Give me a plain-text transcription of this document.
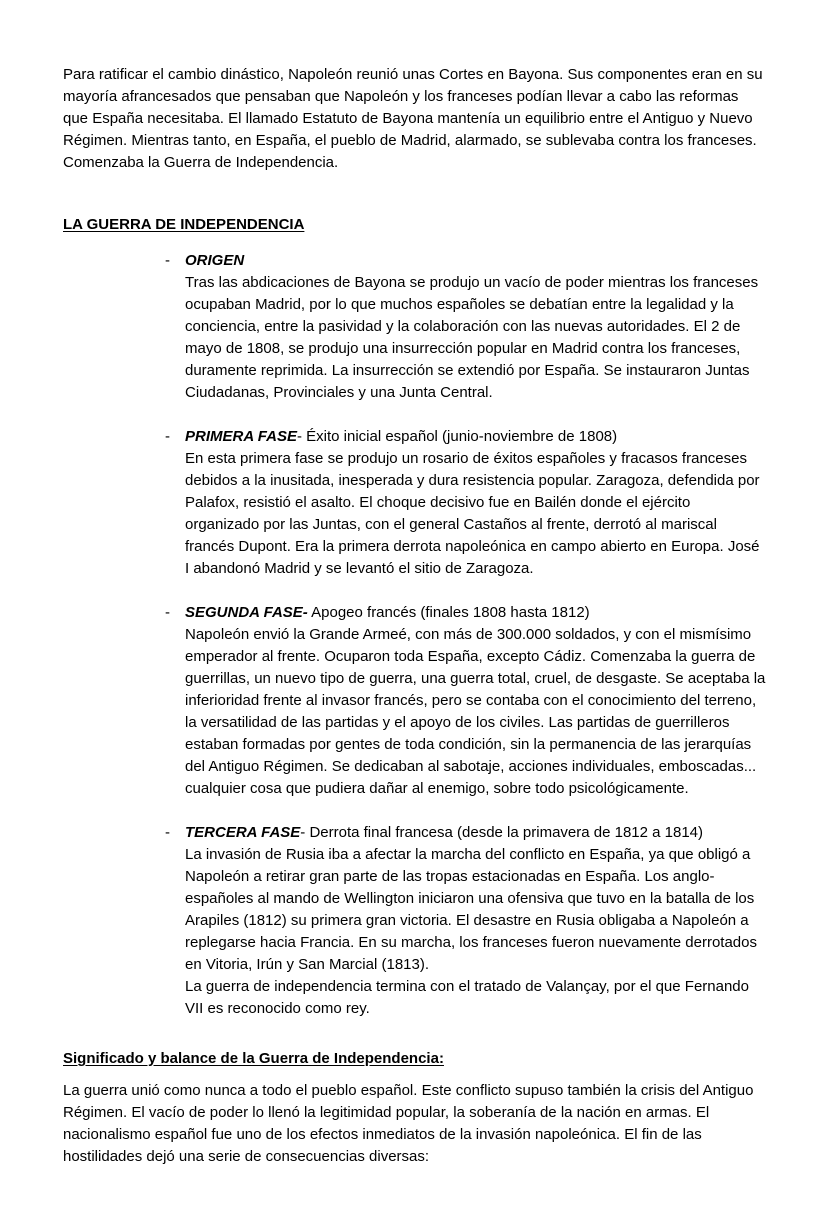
Para ratificar el cambio dinástico, Napoleón reunió unas Cortes en Bayona. Sus componentes eran en su mayoría afrancesados que pensaban que Napoleón y los franceses podían llevar a cabo las reformas que España necesitaba. El llamado Estatuto de Bayona mantenía un equilibrio entre el Antiguo y Nuevo Régimen. Mientras tanto, en España, el pueblo de Madrid, alarmado, se sublevaba contra los franceses. Comenzaba la Guerra de Independencia.

LA GUERRA DE INDEPENDENCIA
-	ORIGEN

Tras las abdicaciones de Bayona se produjo un vacío de poder mientras los franceses ocupaban Madrid, por lo que muchos españoles se debatían entre la legalidad y la conciencia, entre la pasividad y la colaboración con las nuevas autoridades. El 2 de mayo de 1808, se produjo una insurrección popular en Madrid contra los franceses, duramente reprimida. La insurrección se extendió por España. Se instauraron Juntas Ciudadanas, Provinciales y una Junta Central.

-	PRIMERA FASE- Éxito inicial español (junio-noviembre de 1808)

En esta primera fase se produjo un rosario de éxitos españoles y fracasos franceses debidos a la inusitada, inesperada y dura resistencia popular. Zaragoza, defendida por Palafox, resistió el asalto. El choque decisivo fue en Bailén donde el ejército organizado por las Juntas, con el general Castaños al frente, derrotó al mariscal francés Dupont. Era la primera derrota napoleónica en campo abierto en Europa. José I abandonó Madrid y se levantó el sitio de Zaragoza.

-	SEGUNDA FASE- Apogeo francés (finales 1808 hasta 1812)

Napoleón envió la Grande Armeé, con más de 300.000 soldados, y con el mismísimo emperador al frente. Ocuparon toda España, excepto Cádiz. Comenzaba la guerra de guerrillas, un nuevo tipo de guerra, una guerra total, cruel, de desgaste. Se aceptaba la inferioridad frente al invasor francés, pero se contaba con el conocimiento del terreno, la versatilidad de las partidas y el apoyo de los civiles. Las partidas de guerrilleros estaban formadas por gentes de toda condición, sin la permanencia de las jerarquías del Antiguo Régimen. Se dedicaban al sabotaje, acciones individuales, emboscadas... cualquier cosa que pudiera dañar al enemigo, sobre todo psicológicamente.

-	TERCERA FASE- Derrota final francesa (desde la primavera de 1812 a 1814)

La invasión de Rusia iba a afectar la marcha del conflicto en España, ya que obligó a Napoleón a retirar gran parte de las tropas estacionadas en España. Los anglo-españoles al mando de Wellington iniciaron una ofensiva que tuvo en la batalla de los Arapiles (1812) su primera gran victoria. El desastre en Rusia obligaba a Napoleón a replegarse hacia Francia. En su marcha, los franceses fueron nuevamente derrotados en Vitoria, Irún y San Marcial (1813).

La guerra de independencia termina con el tratado de Valançay, por el que Fernando VII es reconocido como rey.

Significado y balance de la Guerra de Independencia:

La guerra unió como nunca a todo el pueblo español. Este conflicto supuso también la crisis del Antiguo Régimen. El vacío de poder lo llenó la legitimidad popular, la soberanía de la nación en armas. El nacionalismo español fue uno de los efectos inmediatos de la invasión napoleónica. El fin de las hostilidades dejó una serie de consecuencias diversas:
